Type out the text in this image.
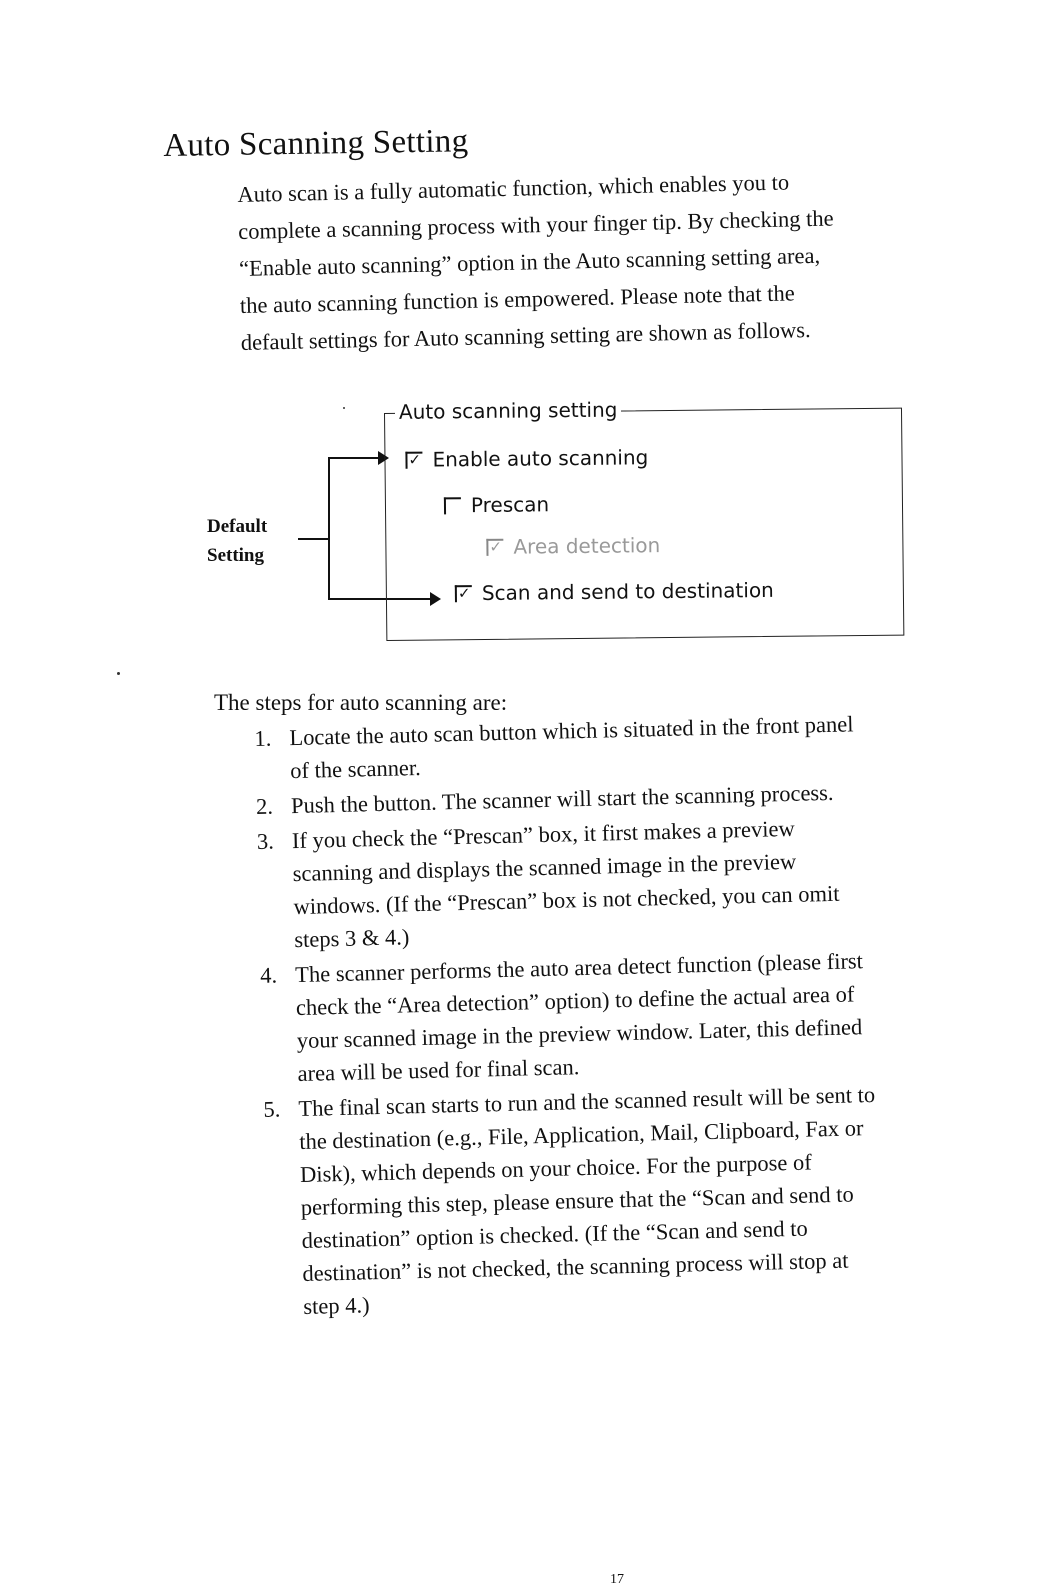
Auto Scanning Setting
Auto scan is a fully automatic function, which enables you to
complete a scanning process with your finger tip. By checking the
“Enable auto scanning” option in the Auto scanning setting area,
the auto scanning function is empowered. Please note that the
default settings for Auto scanning setting are shown as follows.
Default
Setting
Auto scanning setting
✓ Enable auto scanning
Prescan
✓ Area detection
✓ Scan and send to destination
The steps for auto scanning are:
1. Locate the auto scan button which is situated in the front panel
of the scanner.
2. Push the button. The scanner will start the scanning process.
3. If you check the “Prescan” box, it first makes a preview
scanning and displays the scanned image in the preview
windows. (If the “Prescan” box is not checked, you can omit
steps 3 & 4.)
4. The scanner performs the auto area detect function (please first
check the “Area detection” option) to define the actual area of
your scanned image in the preview window. Later, this defined
area will be used for final scan.
5. The final scan starts to run and the scanned result will be sent to
the destination (e.g., File, Application, Mail, Clipboard, Fax or
Disk), which depends on your choice. For the purpose of
performing this step, please ensure that the “Scan and send to
destination” option is checked. (If the “Scan and send to
destination” is not checked, the scanning process will stop at
step 4.)
17
